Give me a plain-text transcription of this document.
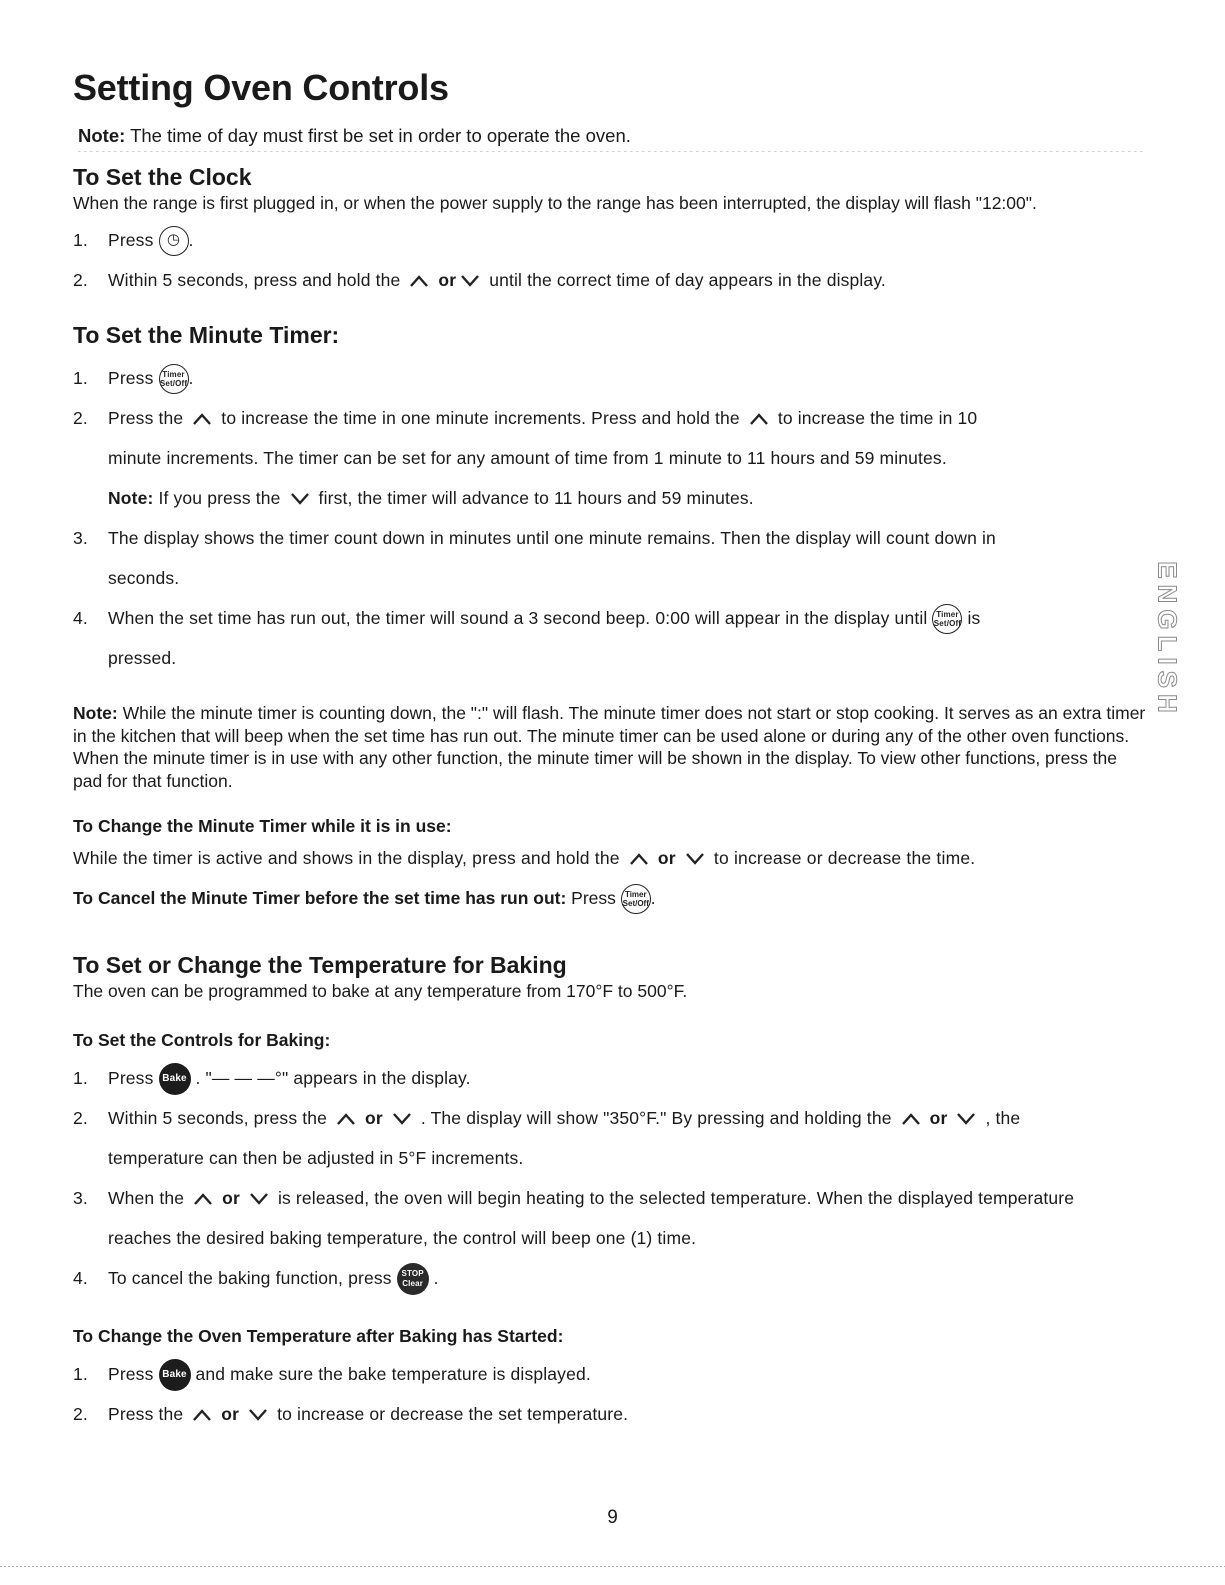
Setting Oven Controls

Note: The time of day must first be set in order to operate the oven.

To Set the Clock

When the range is first plugged in, or when the power supply to the range has been interrupted, the display will flash "12:00".

1. Press ◷ .
2. Within 5 seconds, press and hold the
or
until the correct time of day appears in the display.
To Set the Minute Timer:
1. Press Timer
Set/Off.
2. Press the
to increase the time in one minute increments. Press and hold the
to increase the time in 10
minute increments. The timer can be set for any amount of time from 1 minute to 11 hours and 59 minutes.
Note: If you press the
first, the timer will advance to 11 hours and 59 minutes.
3. The display shows the timer count down in minutes until one minute remains. Then the display will count down in
seconds.
4. When the set time has run out, the timer will sound a 3 second beep. 0:00 will appear in the display until Timer
Set/Off is
pressed.

Note: While the minute timer is counting down, the ":" will flash. The minute timer does not start or stop cooking. It serves as an extra timer in the kitchen that will beep when the set time has run out. The minute timer can be used alone or during any of the other oven functions. When the minute timer is in use with any other function, the minute timer will be shown in the display. To view other functions, press the pad for that function.

To Change the Minute Timer while it is in use:

While the timer is active and shows in the display, press and hold the
or
to increase or decrease the time.

To Cancel the Minute Timer before the set time has run out: Press Timer
Set/Off .

To Set or Change the Temperature for Baking

The oven can be programmed to bake at any temperature from 170°F to 500°F.

To Set the Controls for Baking:
1. Press Bake . "— — —°" appears in the display.
2. Within 5 seconds, press the
or
. The display will show "350°F." By pressing and holding the
or
, the
temperature can then be adjusted in 5°F increments.
3. When the
or
is released, the oven will begin heating to the selected temperature. When the displayed temperature
reaches the desired baking temperature, the control will beep one (1) time.
4. To cancel the baking function, press STOP
Clear .
To Change the Oven Temperature after Baking has Started:
1. Press Bake and make sure the bake temperature is displayed.
2. Press the
or
to increase or decrease the set temperature.
ENGLISH
9
